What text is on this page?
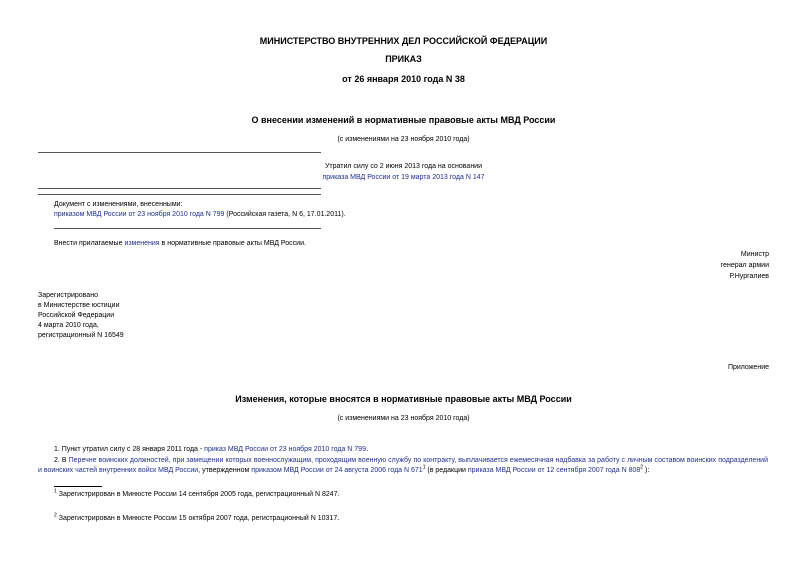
МИНИСТЕРСТВО ВНУТРЕННИХ ДЕЛ РОССИЙСКОЙ ФЕДЕРАЦИИ
ПРИКАЗ
от 26 января 2010 года N 38
О внесении изменений в нормативные правовые акты МВД России
(с изменениями на 23 ноября 2010 года)
Утратил силу со 2 июня 2013 года на основании
приказа МВД России от 19 марта 2013 года N 147
Документ с изменениями, внесенными:
приказом МВД России от 23 ноября 2010 года N 799 (Российская газета, N 6, 17.01.2011).
Внести прилагаемые изменения в нормативные правовые акты МВД России.
Министр
генерал армии
Р.Нургалиев
Зарегистрировано
в Министерстве юстиции
Российской Федерации
4 марта 2010 года,
регистрационный N 16549
Приложение
Изменения, которые вносятся в нормативные правовые акты МВД России
(с изменениями на 23 ноября 2010 года)
1. Пункт утратил силу с 28 января 2011 года - приказ МВД России от 23 ноября 2010 года N 799.
2. В Перечне воинских должностей, при замещении которых военнослужащим, проходящим военную службу по контракту, выплачивается ежемесячная надбавка за работу с личным составом воинских подразделений и воинских частей внутренних войск МВД России, утвержденном приказом МВД России от 24 августа 2006 года N $671^1$ (в редакции приказа МВД России от 12 сентября 2007 года N $808^2$ ):
$^1$ Зарегистрирован в Минюсте России 14 сентября 2005 года, регистрационный N 8247.
$^2$ Зарегистрирован в Минюсте России 15 октября 2007 года, регистрационный N 10317.
